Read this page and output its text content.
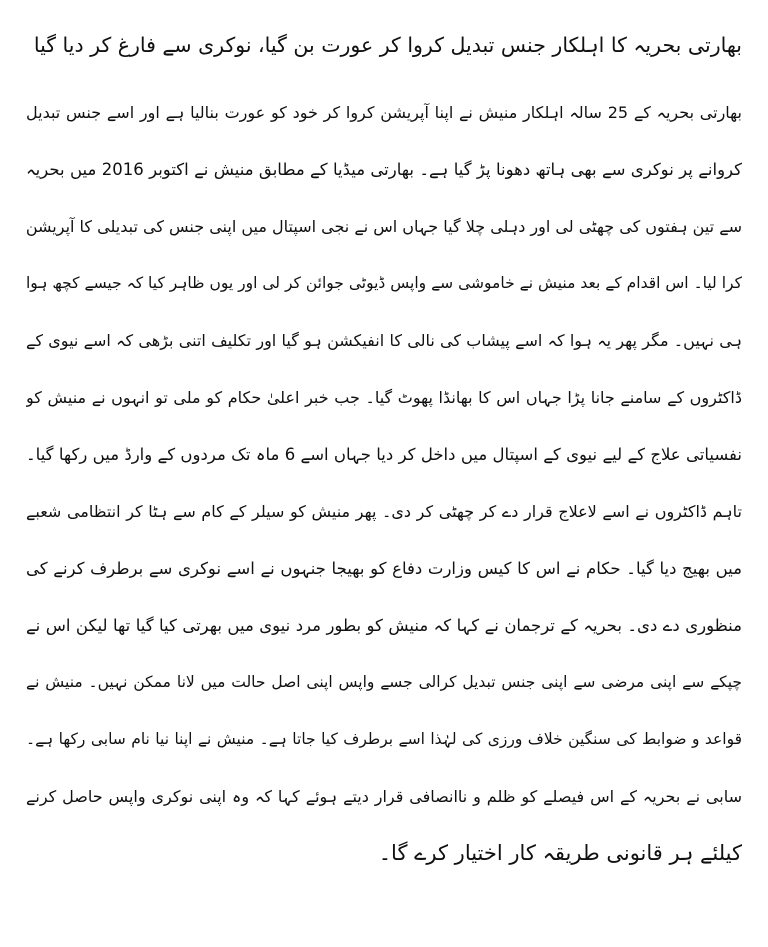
بھارتی بحریہ کا اہلکار جنس تبدیل کروا کر عورت بن گیا، نوکری سے فارغ کر دیا گیا
بھارتی بحریہ کے 25 سالہ اہلکار منیش نے اپنا آپریشن کروا کر خود کو عورت بنالیا ہے اور اسے جنس تبدیل
کروانے پر نوکری سے بھی ہاتھ دھونا پڑ گیا ہے۔ بھارتی میڈیا کے مطابق منیش نے اکتوبر 2016 میں بحریہ
سے تین ہفتوں کی چھٹی لی اور دہلی چلا گیا جہاں اس نے نجی اسپتال میں اپنی جنس کی تبدیلی کا آپریشن
کرا لیا۔ اس اقدام کے بعد منیش نے خاموشی سے واپس ڈیوٹی جوائن کر لی اور یوں ظاہر کیا کہ جیسے کچھ ہوا
ہی نہیں۔ مگر پھر یہ ہوا کہ اسے پیشاب کی نالی کا انفیکشن ہو گیا اور تکلیف اتنی بڑھی کہ اسے نیوی کے
ڈاکٹروں کے سامنے جانا پڑا جہاں اس کا بھانڈا پھوٹ گیا۔ جب خبر اعلیٰ حکام کو ملی تو انہوں نے منیش کو
نفسیاتی علاج کے لیے نیوی کے اسپتال میں داخل کر دیا جہاں اسے 6 ماہ تک مردوں کے وارڈ میں رکھا گیا۔
تاہم ڈاکٹروں نے اسے لاعلاج قرار دے کر چھٹی کر دی۔ پھر منیش کو سیلر کے کام سے ہٹا کر انتظامی شعبے
میں بھیج دیا گیا۔ حکام نے اس کا کیس وزارت دفاع کو بھیجا جنہوں نے اسے نوکری سے برطرف کرنے کی
منظوری دے دی۔ بحریہ کے ترجمان نے کہا کہ منیش کو بطور مرد نیوی میں بھرتی کیا گیا تھا لیکن اس نے
چپکے سے اپنی مرضی سے اپنی جنس تبدیل کرالی جسے واپس اپنی اصل حالت میں لانا ممکن نہیں۔ منیش نے
قواعد و ضوابط کی سنگین خلاف ورزی کی لہٰذا اسے برطرف کیا جاتا ہے۔ منیش نے اپنا نیا نام سابی رکھا ہے۔
سابی نے بحریہ کے اس فیصلے کو ظلم و ناانصافی قرار دیتے ہوئے کہا کہ وہ اپنی نوکری واپس حاصل کرنے
کیلئے ہر قانونی طریقہ کار اختیار کرے گا۔
